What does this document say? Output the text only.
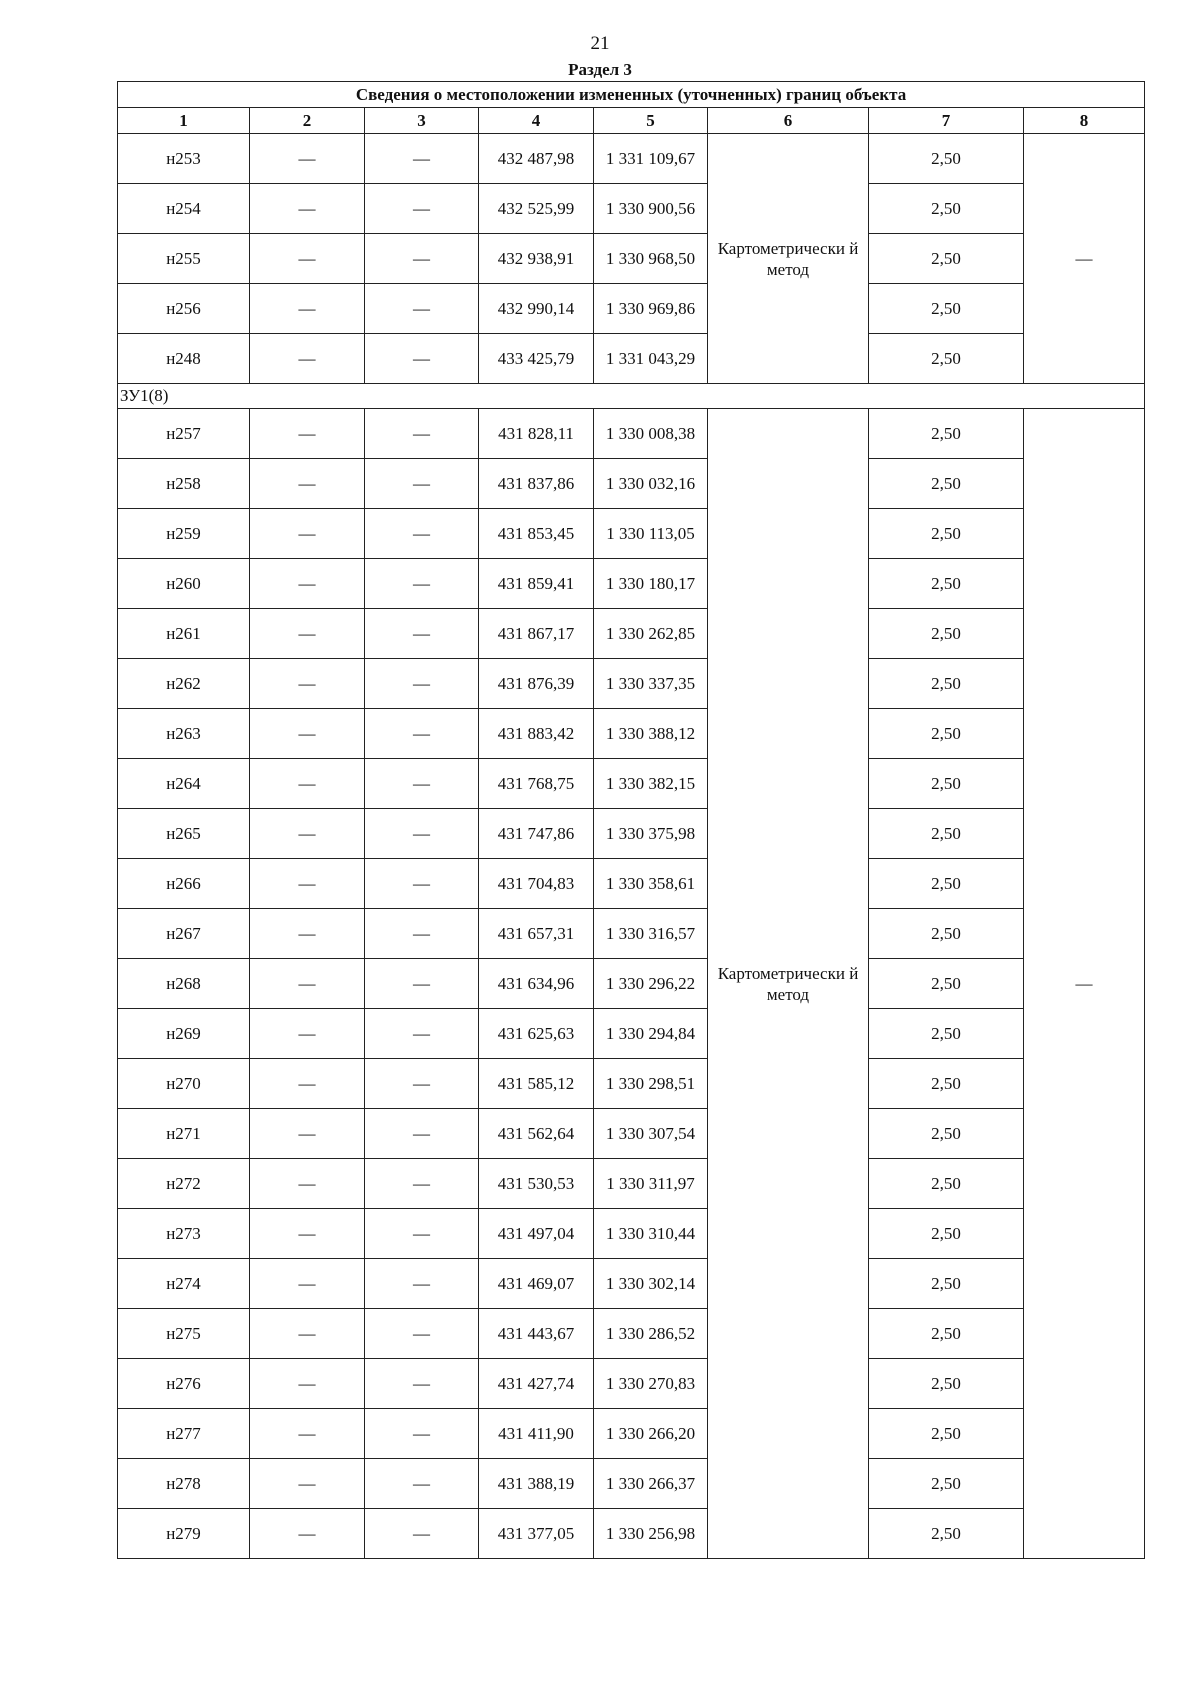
21
Раздел 3
Сведения о местоположении измененных (уточненных) границ объекта							
1	2	3	4	5	6	7	8
н253	—	—	432 487,98	1 331 109,67	Картометрически й метод	2,50	—
н254	—	—	432 525,99	1 330 900,56		2,50	
н255	—	—	432 938,91	1 330 968,50		2,50	
н256	—	—	432 990,14	1 330 969,86		2,50	
н248	—	—	433 425,79	1 331 043,29		2,50	
ЗУ1(8)							
н257	—	—	431 828,11	1 330 008,38	Картометрически й метод	2,50	—
н258	—	—	431 837,86	1 330 032,16		2,50	
н259	—	—	431 853,45	1 330 113,05		2,50	
н260	—	—	431 859,41	1 330 180,17		2,50	
н261	—	—	431 867,17	1 330 262,85		2,50	
н262	—	—	431 876,39	1 330 337,35		2,50	
н263	—	—	431 883,42	1 330 388,12		2,50	
н264	—	—	431 768,75	1 330 382,15		2,50	
н265	—	—	431 747,86	1 330 375,98		2,50	
н266	—	—	431 704,83	1 330 358,61		2,50	
н267	—	—	431 657,31	1 330 316,57		2,50	
н268	—	—	431 634,96	1 330 296,22		2,50	
н269	—	—	431 625,63	1 330 294,84		2,50	
н270	—	—	431 585,12	1 330 298,51		2,50	
н271	—	—	431 562,64	1 330 307,54		2,50	
н272	—	—	431 530,53	1 330 311,97		2,50	
н273	—	—	431 497,04	1 330 310,44		2,50	
н274	—	—	431 469,07	1 330 302,14		2,50	
н275	—	—	431 443,67	1 330 286,52		2,50	
н276	—	—	431 427,74	1 330 270,83		2,50	
н277	—	—	431 411,90	1 330 266,20		2,50	
н278	—	—	431 388,19	1 330 266,37		2,50	
н279	—	—	431 377,05	1 330 256,98		2,50	
